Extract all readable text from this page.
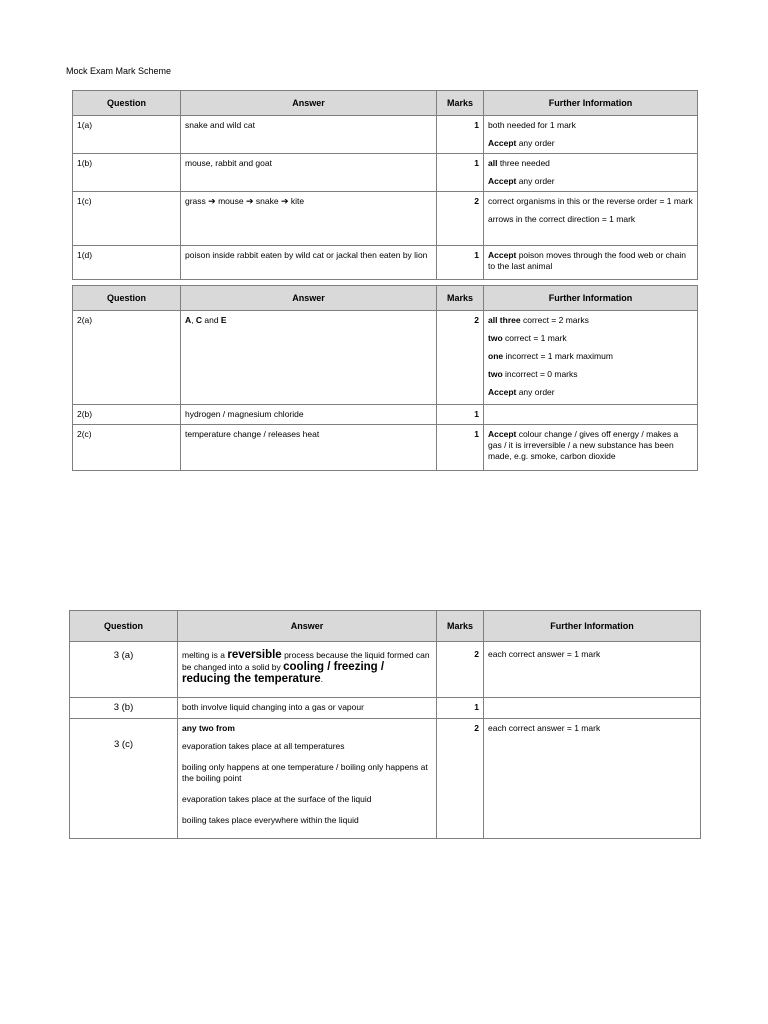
Mock Exam Mark Scheme
Question	Answer	Marks	Further Information

1(a)	snake and wild cat	1	both needed for 1 mark

Accept any order

1(b)	mouse, rabbit and goat	1	all three needed

Accept any order

1(c)	grass ➔ mouse ➔ snake ➔ kite	2	correct organisms in this or the reverse order = 1 mark

arrows in the correct direction = 1 mark

1(d)	poison inside rabbit eaten by wild cat or jackal then eaten by lion	1	Accept poison moves through the food web or chain to the last animal

Question	Answer	Marks	Further Information

2(a)	A, C and E	2	all three correct = 2 marks

two correct = 1 mark

one incorrect = 1 mark maximum

two incorrect = 0 marks

Accept any order

2(b)	hydrogen / magnesium chloride	1	

2(c)	temperature change / releases heat	1	Accept colour change / gives off energy / makes a gas / it is irreversible / a new substance has been made, e.g. smoke, carbon dioxide

Question	Answer	Marks	Further Information

3 (a)	melting is a reversible process because the liquid formed can be changed into a solid by cooling / freezing / reducing the temperature.	2	each correct answer = 1 mark

3 (b)	both involve liquid changing into a gas or vapour	1	

3 (c)	any two from

evaporation takes place at all temperatures

boiling only happens at one temperature / boiling only happens at the boiling point

evaporation takes place at the surface of the liquid

boiling takes place everywhere within the liquid	2	each correct answer = 1 mark
